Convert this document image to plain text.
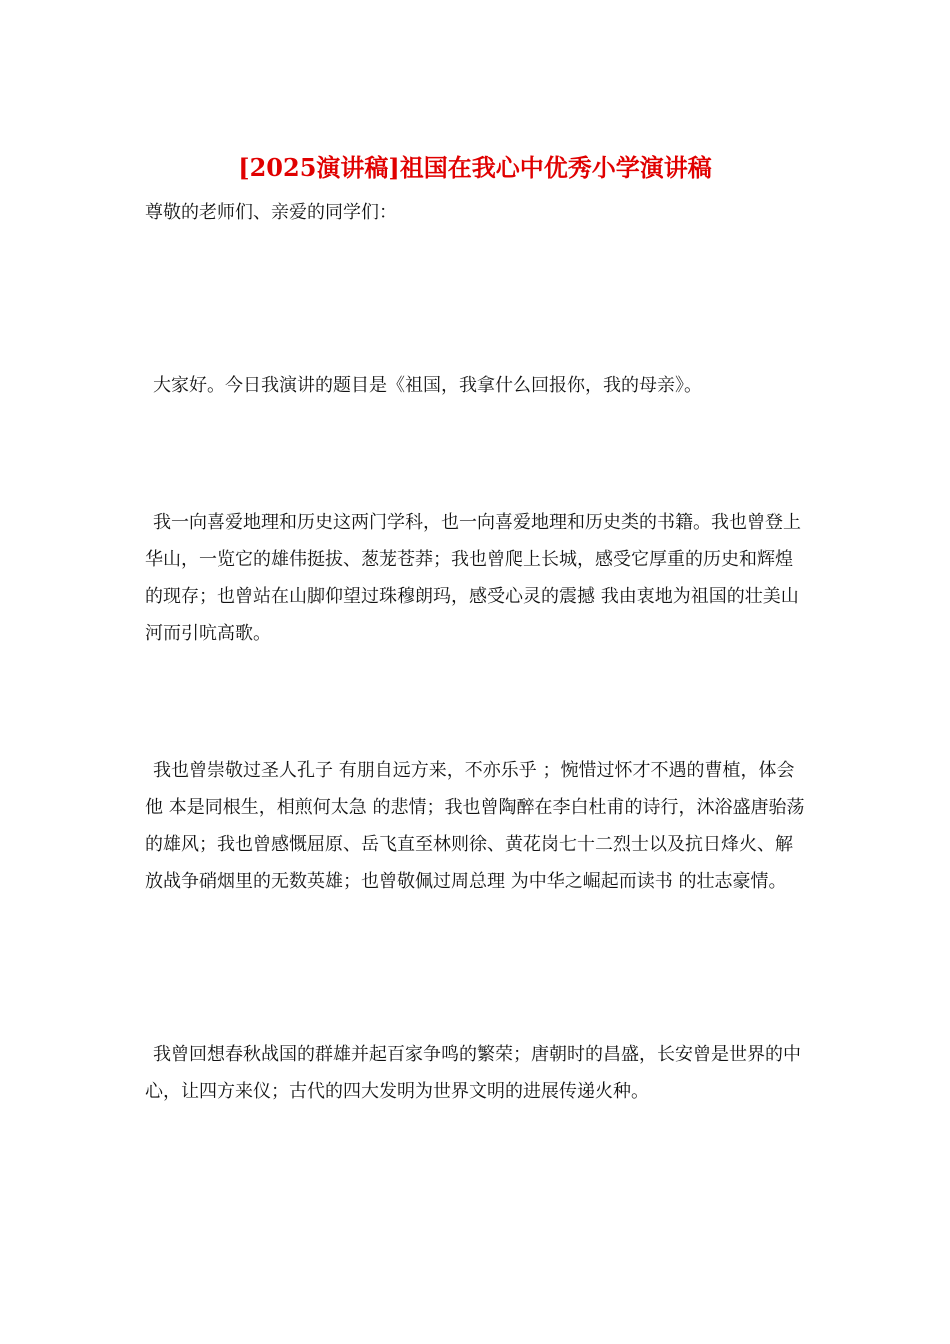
[2025演讲稿]祖国在我心中优秀小学演讲稿

尊敬的老师们、亲爱的同学们：

大家好。今日我演讲的题目是《祖国，我拿什么回报你，我的母亲》。

我一向喜爱地理和历史这两门学科，也一向喜爱地理和历史类的书籍。我也曾登上华山，一览它的雄伟挺拔、葱茏苍莽；我也曾爬上长城，感受它厚重的历史和辉煌的现存；也曾站在山脚仰望过珠穆朗玛，感受心灵的震撼 我由衷地为祖国的壮美山河而引吭高歌。

我也曾崇敬过圣人孔子 有朋自远方来，不亦乐乎 ；惋惜过怀才不遇的曹植，体会他 本是同根生，相煎何太急 的悲情；我也曾陶醉在李白杜甫的诗行，沐浴盛唐骀荡的雄风；我也曾感慨屈原、岳飞直至林则徐、黄花岗七十二烈士以及抗日烽火、解放战争硝烟里的无数英雄；也曾敬佩过周总理 为中华之崛起而读书 的壮志豪情。

我曾回想春秋战国的群雄并起百家争鸣的繁荣；唐朝时的昌盛，长安曾是世界的中心，让四方来仪；古代的四大发明为世界文明的进展传递火种。
